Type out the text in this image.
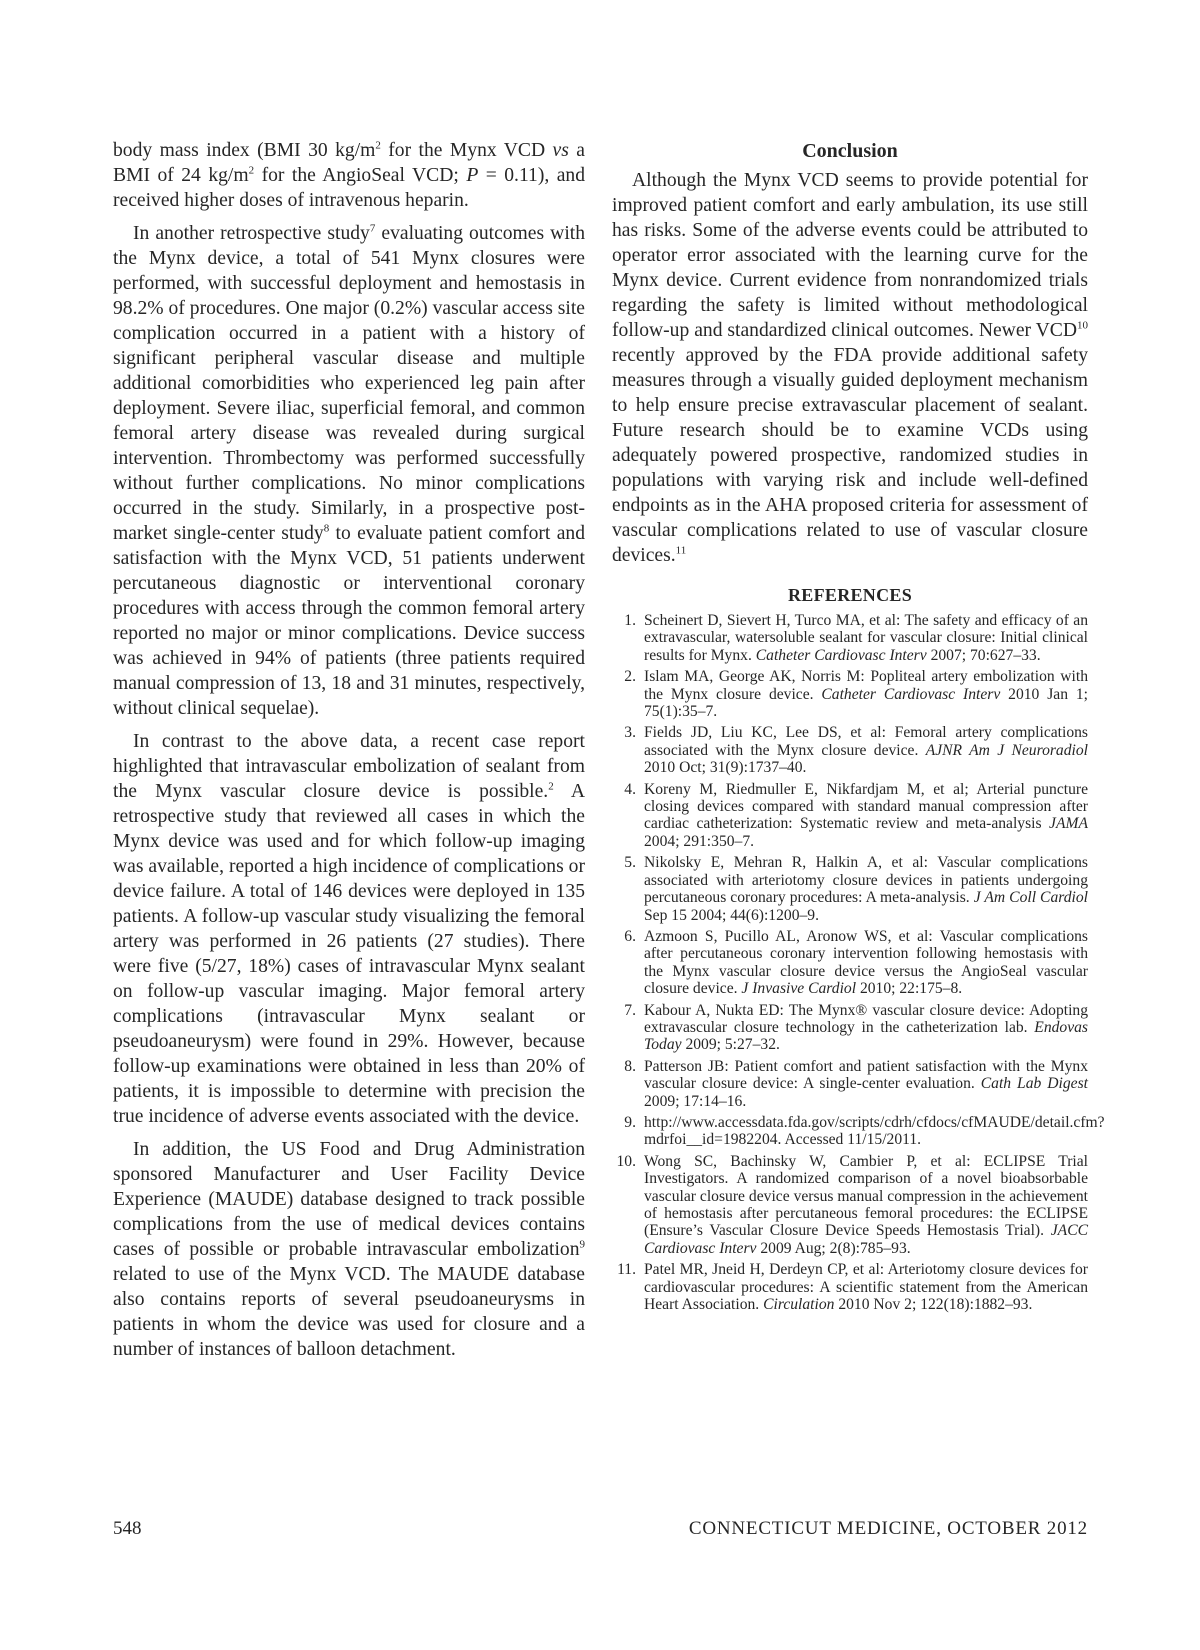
body mass index (BMI 30 $kg/m^2$ for the Mynx VCD vs a BMI of 24 $kg/m^2$ for the AngioSeal VCD; P = 0.11), and received higher doses of intravenous heparin.

In another retrospective study$^7$ evaluating outcomes with the Mynx device, a total of 541 Mynx closures were performed, with successful deployment and hemostasis in 98.2% of procedures. One major (0.2%) vascular access site complication occurred in a patient with a history of significant peripheral vascular disease and multiple additional comorbidities who experienced leg pain after deployment. Severe iliac, superficial femoral, and common femoral artery disease was revealed during surgical intervention. Thrombectomy was performed successfully without further complications. No minor complications occurred in the study. Similarly, in a prospective post-market single-center study$^8$ to evaluate patient comfort and satisfaction with the Mynx VCD, 51 patients underwent percutaneous diagnostic or interventional coronary procedures with access through the common femoral artery reported no major or minor complications. Device success was achieved in 94% of patients (three patients required manual compression of 13, 18 and 31 minutes, respectively, without clinical sequelae).

In contrast to the above data, a recent case report highlighted that intravascular embolization of sealant from the Mynx vascular closure device is possible.$^2$ A retrospective study that reviewed all cases in which the Mynx device was used and for which follow-up imaging was available, reported a high incidence of complications or device failure. A total of 146 devices were deployed in 135 patients. A follow-up vascular study visualizing the femoral artery was performed in 26 patients (27 studies). There were five (5/27, 18%) cases of intravascular Mynx sealant on follow-up vascular imaging. Major femoral artery complications (intravascular Mynx sealant or pseudoaneurysm) were found in 29%. However, because follow-up examinations were obtained in less than 20% of patients, it is impossible to determine with precision the true incidence of adverse events associated with the device.

In addition, the US Food and Drug Administration sponsored Manufacturer and User Facility Device Experience (MAUDE) database designed to track possible complications from the use of medical devices contains cases of possible or probable intravascular embolization$^9$ related to use of the Mynx VCD. The MAUDE database also contains reports of several pseudoaneurysms in patients in whom the device was used for closure and a number of instances of balloon detachment.

Conclusion

Although the Mynx VCD seems to provide potential for improved patient comfort and early ambulation, its use still has risks. Some of the adverse events could be attributed to operator error associated with the learning curve for the Mynx device. Current evidence from nonrandomized trials regarding the safety is limited without methodological follow-up and standardized clinical outcomes. Newer VCD$^{10}$ recently approved by the FDA provide additional safety measures through a visually guided deployment mechanism to help ensure precise extravascular placement of sealant. Future research should be to examine VCDs using adequately powered prospective, randomized studies in populations with varying risk and include well-defined endpoints as in the AHA proposed criteria for assessment of vascular complications related to use of vascular closure devices.$^{11}$

REFERENCES
1. Scheinert D, Sievert H, Turco MA, et al: The safety and efficacy of an extravascular, watersoluble sealant for vascular closure: Initial clinical results for Mynx. Catheter Cardiovasc Interv 2007; 70:627–33.
2. Islam MA, George AK, Norris M: Popliteal artery embolization with the Mynx closure device. Catheter Cardiovasc Interv 2010 Jan 1; 75(1):35–7.
3. Fields JD, Liu KC, Lee DS, et al: Femoral artery complications associated with the Mynx closure device. AJNR Am J Neuroradiol 2010 Oct; 31(9):1737–40.
4. Koreny M, Riedmuller E, Nikfardjam M, et al; Arterial puncture closing devices compared with standard manual compression after cardiac catheterization: Systematic review and meta-analysis JAMA 2004; 291:350–7.
5. Nikolsky E, Mehran R, Halkin A, et al: Vascular complications associated with arteriotomy closure devices in patients undergoing percutaneous coronary procedures: A meta-analysis. J Am Coll Cardiol Sep 15 2004; 44(6):1200–9.
6. Azmoon S, Pucillo AL, Aronow WS, et al: Vascular complications after percutaneous coronary intervention following hemostasis with the Mynx vascular closure device versus the AngioSeal vascular closure device. J Invasive Cardiol 2010; 22:175–8.
7. Kabour A, Nukta ED: The Mynx® vascular closure device: Adopting extravascular closure technology in the catheterization lab. Endovas Today 2009; 5:27–32.
8. Patterson JB: Patient comfort and patient satisfaction with the Mynx vascular closure device: A single-center evaluation. Cath Lab Digest 2009; 17:14–16.
9. http://www.accessdata.fda.gov/scripts/cdrh/cfdocs/cfMAUDE/detail.cfm?mdrfoi__id=1982204. Accessed 11/15/2011.
10. Wong SC, Bachinsky W, Cambier P, et al: ECLIPSE Trial Investigators. A randomized comparison of a novel bioabsorbable vascular closure device versus manual compression in the achievement of hemostasis after percutaneous femoral procedures: the ECLIPSE (Ensure’s Vascular Closure Device Speeds Hemostasis Trial). JACC Cardiovasc Interv 2009 Aug; 2(8):785–93.
11. Patel MR, Jneid H, Derdeyn CP, et al: Arteriotomy closure devices for cardiovascular procedures: A scientific statement from the American Heart Association. Circulation 2010 Nov 2; 122(18):1882–93.
548	CONNECTICUT MEDICINE, OCTOBER 2012
